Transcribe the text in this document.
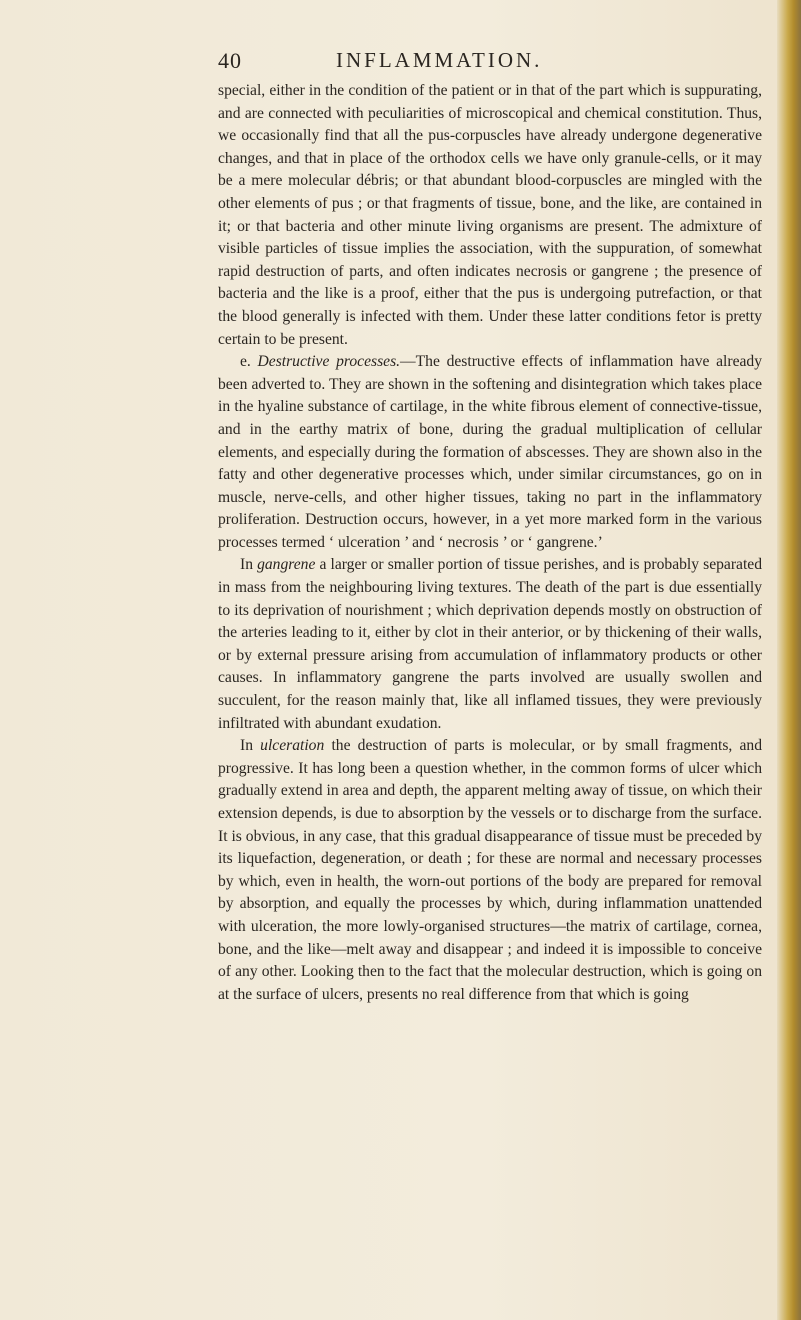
40	INFLAMMATION.

special, either in the condition of the patient or in that of the part which is suppurating, and are connected with peculiarities of microscopical and chemical constitution. Thus, we occasionally find that all the pus-corpuscles have already undergone degenerative changes, and that in place of the orthodox cells we have only granule-cells, or it may be a mere molecular débris; or that abundant blood-corpuscles are mingled with the other elements of pus ; or that fragments of tissue, bone, and the like, are contained in it; or that bacteria and other minute living organisms are present. The admixture of visible particles of tissue implies the association, with the suppuration, of somewhat rapid destruction of parts, and often indicates necrosis or gangrene ; the presence of bacteria and the like is a proof, either that the pus is undergoing putrefaction, or that the blood generally is infected with them. Under these latter conditions fetor is pretty certain to be present.

e. Destructive processes.—The destructive effects of inflammation have already been adverted to. They are shown in the softening and disintegration which takes place in the hyaline substance of cartilage, in the white fibrous element of connective-tissue, and in the earthy matrix of bone, during the gradual multiplication of cellular elements, and especially during the formation of abscesses. They are shown also in the fatty and other degenerative processes which, under similar circumstances, go on in muscle, nerve-cells, and other higher tissues, taking no part in the inflammatory proliferation. Destruction occurs, however, in a yet more marked form in the various processes termed ‘ ulceration ’ and ‘ necrosis ’ or ‘ gangrene.’

In gangrene a larger or smaller portion of tissue perishes, and is probably separated in mass from the neighbouring living textures. The death of the part is due essentially to its deprivation of nourishment ; which deprivation depends mostly on obstruction of the arteries leading to it, either by clot in their anterior, or by thickening of their walls, or by external pressure arising from accumulation of inflammatory products or other causes. In inflammatory gangrene the parts involved are usually swollen and succulent, for the reason mainly that, like all inflamed tissues, they were previously infiltrated with abundant exudation.

In ulceration the destruction of parts is molecular, or by small fragments, and progressive. It has long been a question whether, in the common forms of ulcer which gradually extend in area and depth, the apparent melting away of tissue, on which their extension depends, is due to absorption by the vessels or to discharge from the surface. It is obvious, in any case, that this gradual disappearance of tissue must be preceded by its liquefaction, degeneration, or death ; for these are normal and necessary processes by which, even in health, the worn-out portions of the body are prepared for removal by absorption, and equally the processes by which, during inflammation unattended with ulceration, the more lowly-organised structures—the matrix of cartilage, cornea, bone, and the like—melt away and disappear ; and indeed it is impossible to conceive of any other. Looking then to the fact that the molecular destruction, which is going on at the surface of ulcers, presents no real difference from that which is going
